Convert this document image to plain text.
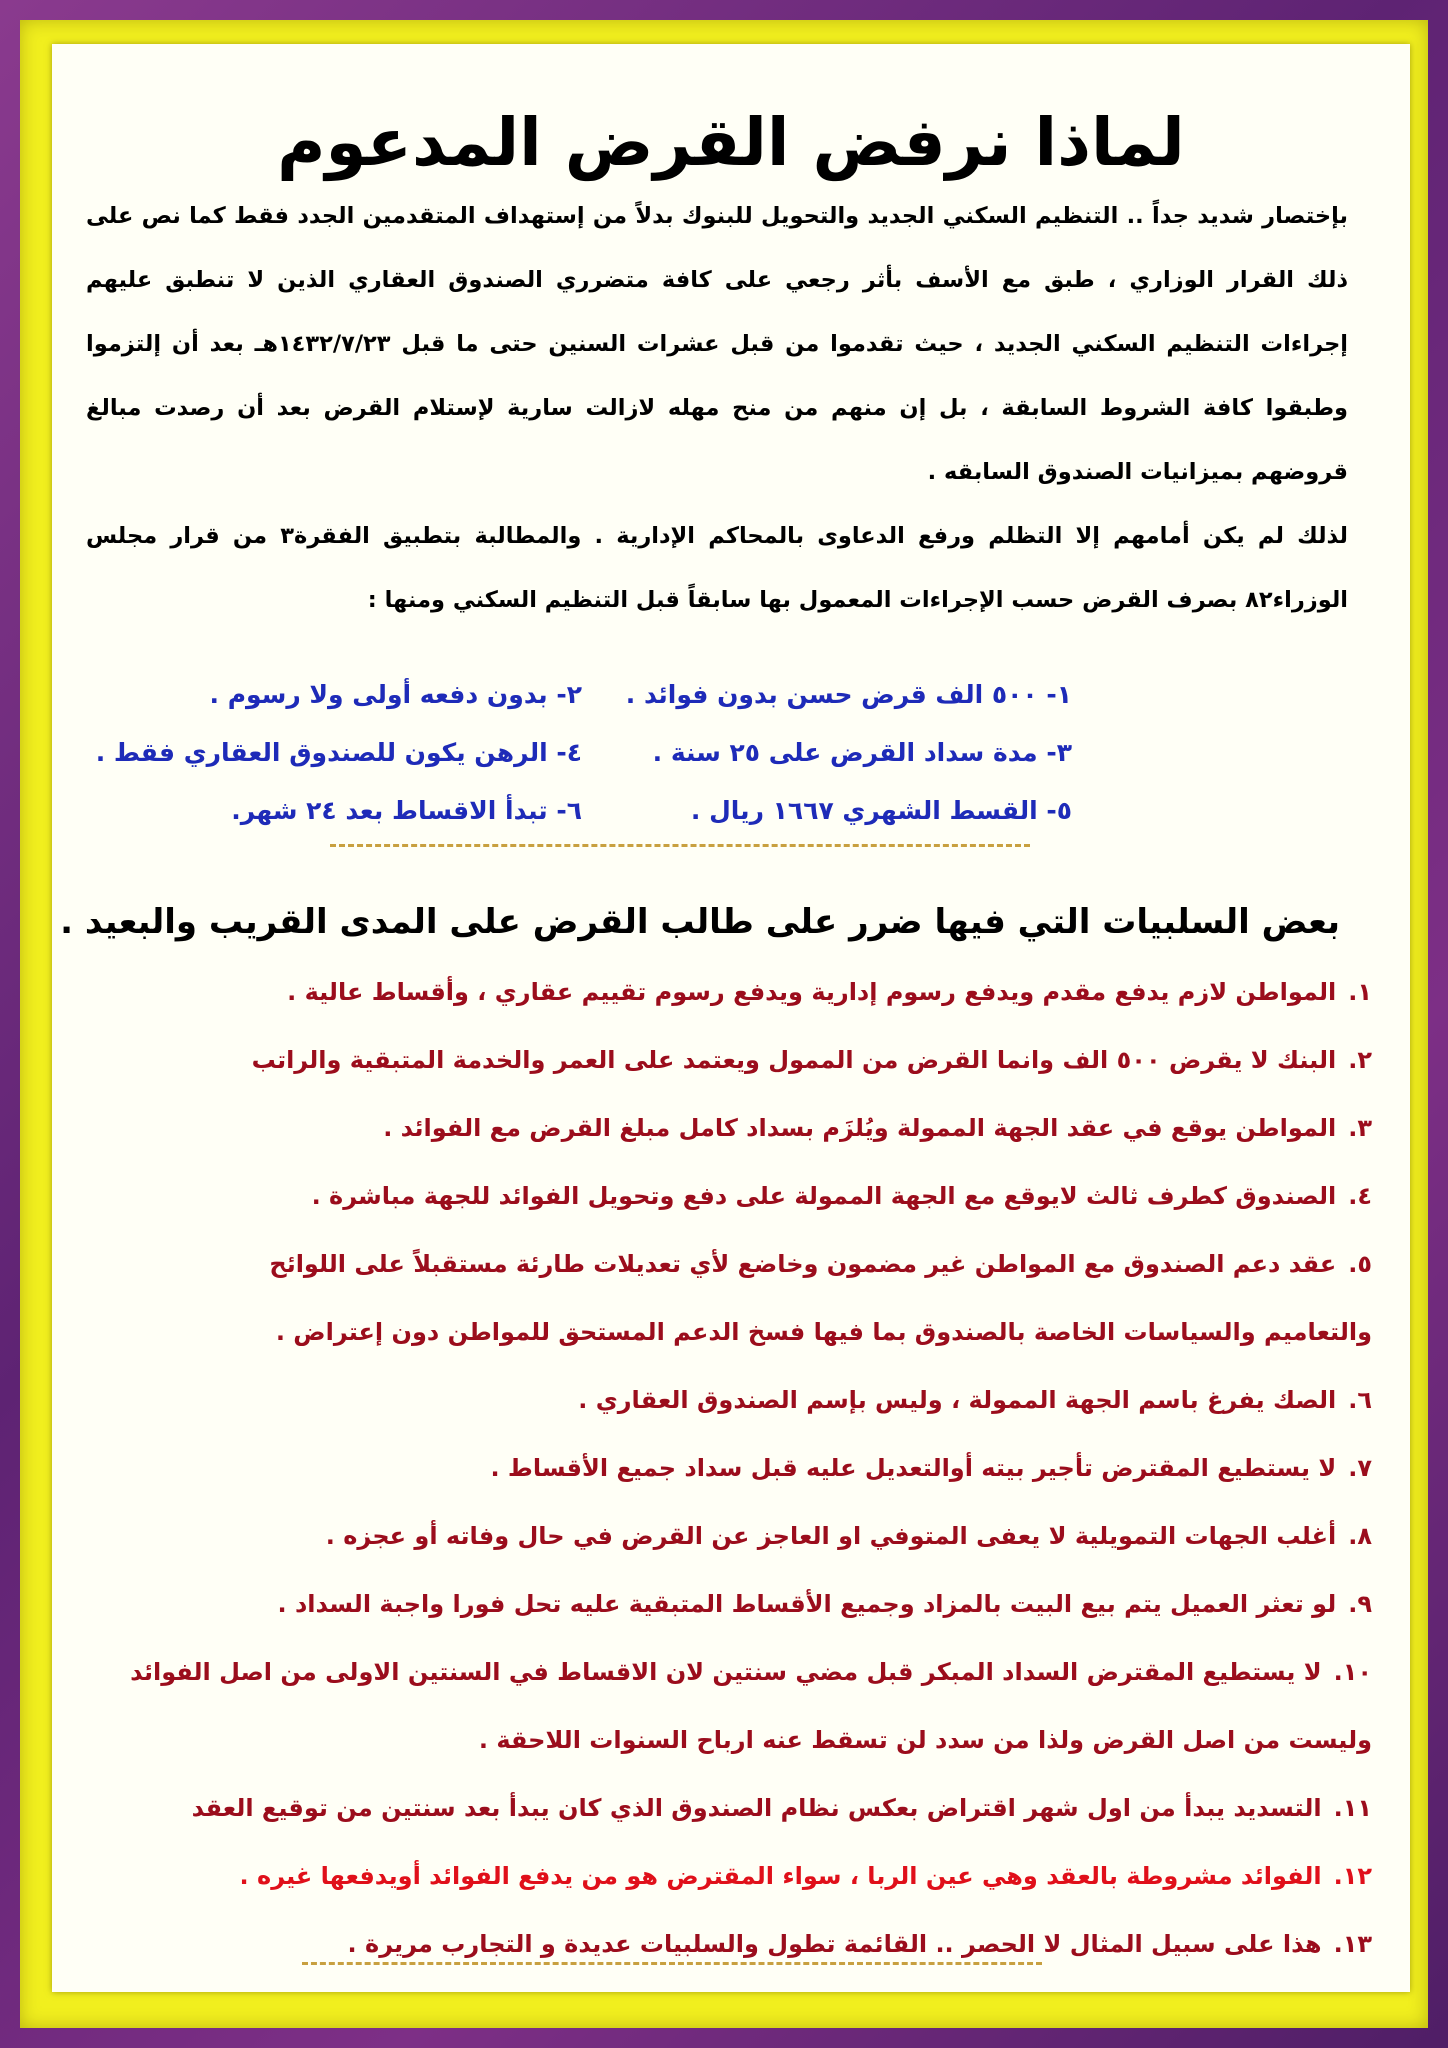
لماذا نرفض القرض المدعوم

بإختصار شديد جداً .. التنظيم السكني الجديد والتحويل للبنوك بدلاً من إستهداف المتقدمين الجدد فقط كما نص على ذلك القرار الوزاري ، طبق مع الأسف بأثر رجعي على كافة متضرري الصندوق العقاري الذين لا تنطبق عليهم إجراءات التنظيم السكني الجديد ، حيث تقدموا من قبل عشرات السنين حتى ما قبل ١٤٣٢/٧/٢٣هـ بعد أن إلتزموا وطبقوا كافة الشروط السابقة ، بل إن منهم من منح مهله لازالت سارية لإستلام القرض بعد أن رصدت مبالغ قروضهم بميزانيات الصندوق السابقه .

لذلك لم يكن أمامهم إلا التظلم ورفع الدعاوى بالمحاكم الإدارية . والمطالبة بتطبيق الفقرة٣ من قرار مجلس الوزراء٨٢ بصرف القرض حسب الإجراءات المعمول بها سابقاً قبل التنظيم السكني ومنها :

١- ٥٠٠ الف قرض حسن بدون فوائد .
٢- بدون دفعه أولى ولا رسوم .
٣- مدة سداد القرض على ٢٥ سنة .
٤- الرهن يكون للصندوق العقاري فقط .
٥- القسط الشهري ١٦٦٧ ريال .
٦- تبدأ الاقساط بعد ٢٤ شهر.
بعض السلبيات التي فيها ضرر على طالب القرض على المدى القريب والبعيد .
١.المواطن لازم يدفع مقدم ويدفع رسوم إدارية ويدفع رسوم تقييم عقاري ، وأقساط عالية .
٢.البنك لا يقرض ٥٠٠ الف وانما القرض من الممول ويعتمد على العمر والخدمة المتبقية والراتب
٣.المواطن يوقع في عقد الجهة الممولة ويُلزَم بسداد كامل مبلغ القرض مع الفوائد .
٤.الصندوق كطرف ثالث لايوقع مع الجهة الممولة على دفع وتحويل الفوائد للجهة مباشرة .
٥.عقد دعم الصندوق مع المواطن غير مضمون وخاضع لأي تعديلات طارئة مستقبلاً على اللوائح
والتعاميم والسياسات الخاصة بالصندوق بما فيها فسخ الدعم المستحق للمواطن دون إعتراض .
٦.الصك يفرغ باسم الجهة الممولة ، وليس بإسم الصندوق العقاري .
٧.لا يستطيع المقترض تأجير بيته أوالتعديل عليه قبل سداد جميع الأقساط .
٨.أغلب الجهات التمويلية لا يعفى المتوفي او العاجز عن القرض في حال وفاته أو عجزه .
٩.لو تعثر العميل يتم بيع البيت بالمزاد وجميع الأقساط المتبقية عليه تحل فورا واجبة السداد .
١٠.لا يستطيع المقترض السداد المبكر قبل مضي سنتين لان الاقساط في السنتين الاولى من اصل الفوائد
وليست من اصل القرض ولذا من سدد لن تسقط عنه ارباح السنوات اللاحقة .
١١.التسديد يبدأ من اول شهر اقتراض بعكس نظام الصندوق الذي كان يبدأ بعد سنتين من توقيع العقد
١٢.الفوائد مشروطة بالعقد وهي عين الربا ، سواء المقترض هو من يدفع الفوائد أويدفعها غيره .
١٣.هذا على سبيل المثال لا الحصر .. القائمة تطول والسلبيات عديدة و التجارب مريرة .
